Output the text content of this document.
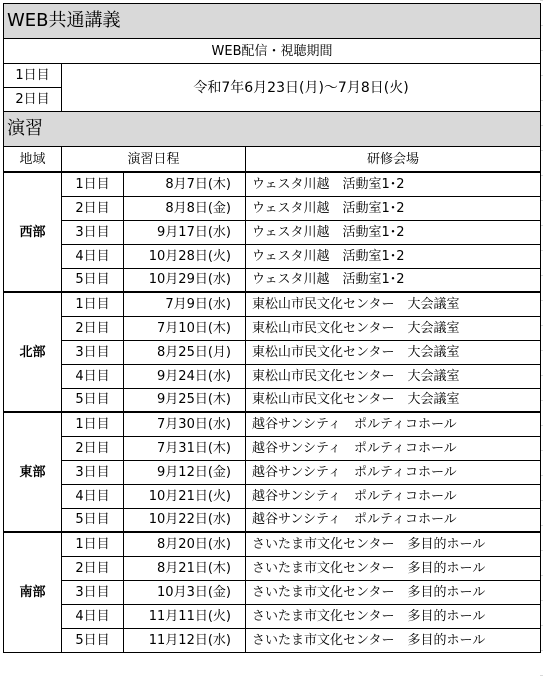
WEB共通講義			
WEB配信・視聴期間			
1日目	令和7年6月23日(月)～7月8日(火)		
2日目			
演習			
地域	演習日程		研修会場
西部	1日目	8月7日(木)	ウェスタ川越　活動室1･2
	2日目	8月8日(金)	ウェスタ川越　活動室1･2
	3日目	9月17日(水)	ウェスタ川越　活動室1･2
	4日目	10月28日(火)	ウェスタ川越　活動室1･2
	5日目	10月29日(水)	ウェスタ川越　活動室1･2
北部	1日目	7月9日(水)	東松山市民文化センター　大会議室
	2日目	7月10日(木)	東松山市民文化センター　大会議室
	3日目	8月25日(月)	東松山市民文化センター　大会議室
	4日目	9月24日(水)	東松山市民文化センター　大会議室
	5日目	9月25日(木)	東松山市民文化センター　大会議室
東部	1日目	7月30日(水)	越谷サンシティ　ポルティコホール
	2日目	7月31日(木)	越谷サンシティ　ポルティコホール
	3日目	9月12日(金)	越谷サンシティ　ポルティコホール
	4日目	10月21日(火)	越谷サンシティ　ポルティコホール
	5日目	10月22日(水)	越谷サンシティ　ポルティコホール
南部	1日目	8月20日(水)	さいたま市文化センター　多目的ホール
	2日目	8月21日(木)	さいたま市文化センター　多目的ホール
	3日目	10月3日(金)	さいたま市文化センター　多目的ホール
	4日目	11月11日(火)	さいたま市文化センター　多目的ホール
	5日目	11月12日(水)	さいたま市文化センター　多目的ホール
